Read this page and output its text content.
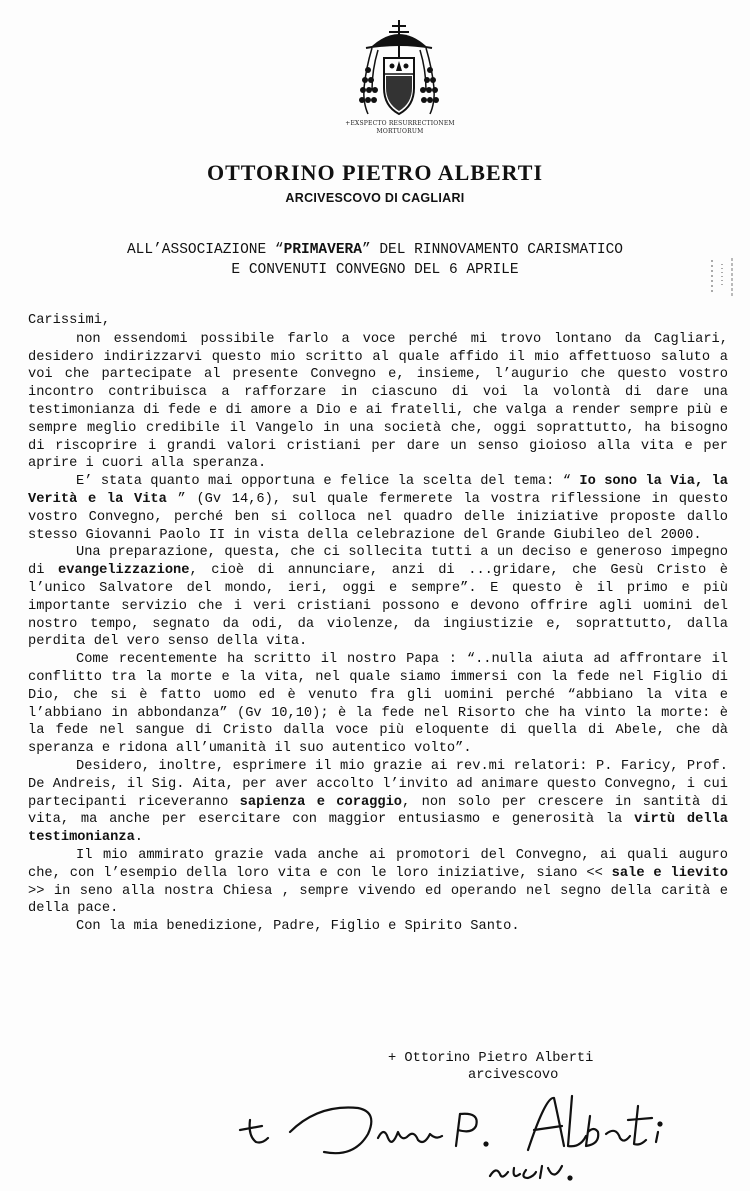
+EXSPECTO RESURRECTIONEM MORTUORUM
OTTORINO PIETRO ALBERTI
ARCIVESCOVO DI CAGLIARI
ALL’ASSOCIAZIONE “PRIMAVERA” DEL RINNOVAMENTO CARISMATICO
E CONVENUTI CONVEGNO DEL 6 APRILE

Carissimi,

non essendomi possibile farlo a voce perché mi trovo lontano da Cagliari, desidero indirizzarvi questo mio scritto al quale affido il mio affettuoso saluto a voi che partecipate al presente Convegno e, insieme, l’augurio che questo vostro incontro contribuisca a rafforzare in ciascuno di voi la volontà di dare una testimonianza di fede e di amore a Dio e ai fratelli, che valga a render sempre più e sempre meglio credibile il Vangelo in una società che, oggi soprattutto, ha bisogno di riscoprire i grandi valori cristiani per dare un senso gioioso alla vita e per aprire i cuori alla speranza.

E’ stata quanto mai opportuna e felice la scelta del tema: “ Io sono la Via, la Verità e la Vita ” (Gv 14,6), sul quale fermerete la vostra riflessione in questo vostro Convegno, perché ben si colloca nel quadro delle iniziative proposte dallo stesso Giovanni Paolo II in vista della celebrazione del Grande Giubileo del 2000.

Una preparazione, questa, che ci sollecita tutti a un deciso e generoso impegno di evangelizzazione, cioè di annunciare, anzi di ...gridare, che Gesù Cristo è l’unico Salvatore del mondo, ieri, oggi e sempre”. E questo è il primo e più importante servizio che i veri cristiani possono e devono offrire agli uomini del nostro tempo, segnato da odi, da violenze, da ingiustizie e, soprattutto, dalla perdita del vero senso della vita.

Come recentemente ha scritto il nostro Papa : “..nulla aiuta ad affrontare il conflitto tra la morte e la vita, nel quale siamo immersi con la fede nel Figlio di Dio, che si è fatto uomo ed è venuto fra gli uomini perché “abbiano la vita e l’abbiano in abbondanza” (Gv 10,10); è la fede nel Risorto che ha vinto la morte: è la fede nel sangue di Cristo dalla voce più eloquente di quella di Abele, che dà speranza e ridona all’umanità il suo autentico volto”.

Desidero, inoltre, esprimere il mio grazie ai rev.mi relatori: P. Faricy, Prof. De Andreis, il Sig. Aita, per aver accolto l’invito ad animare questo Convegno, i cui partecipanti riceveranno sapienza e coraggio, non solo per crescere in santità di vita, ma anche per esercitare con maggior entusiasmo e generosità la virtù della testimonianza.

Il mio ammirato grazie vada anche ai promotori del Convegno, ai quali auguro che, con l’esempio della loro vita e con le loro iniziative, siano << sale e lievito >> in seno alla nostra Chiesa , sempre vivendo ed operando nel segno della carità e della pace.

Con la mia benedizione, Padre, Figlio e Spirito Santo.

+ Ottorino Pietro Alberti
arcivescovo
